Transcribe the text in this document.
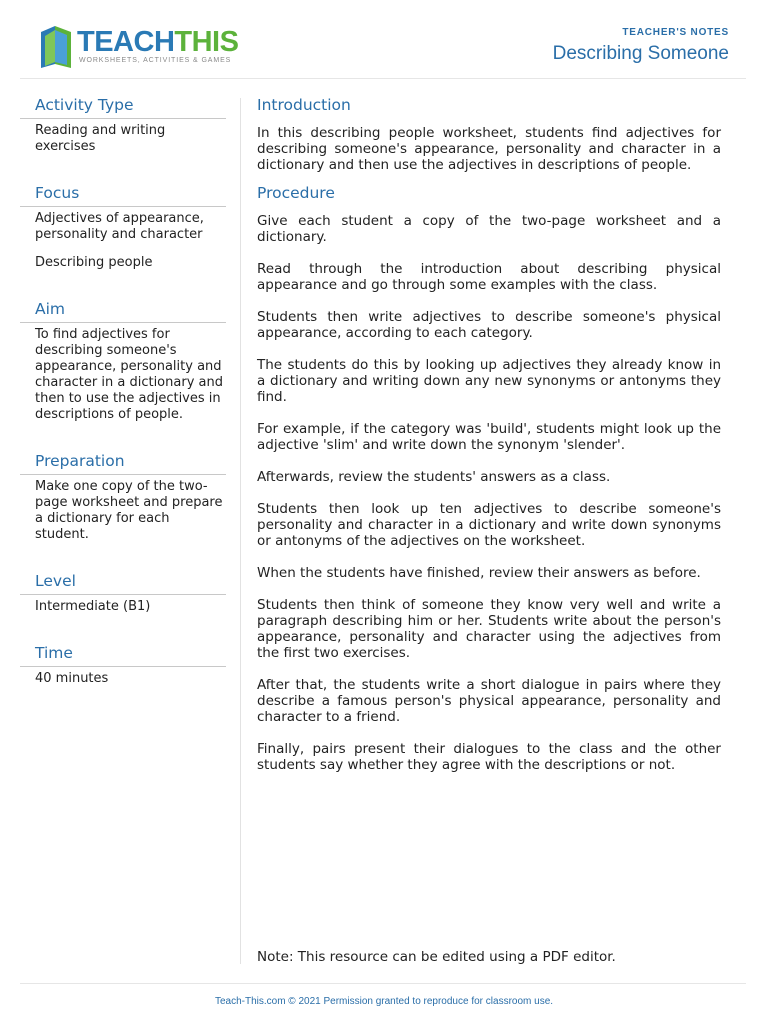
TEACHTHIS
WORKSHEETS, ACTIVITIES & GAMES
TEACHER'S NOTES
Describing Someone
Activity Type

Reading and writing exercises

Focus

Adjectives of appearance, personality and character

Describing people

Aim

To find adjectives for describing someone's appearance, personality and character in a dictionary and then to use the adjectives in descriptions of people.

Preparation

Make one copy of the two-page worksheet and prepare a dictionary for each student.

Level

Intermediate (B1)

Time

40 minutes

Introduction

In this describing people worksheet, students find adjectives for describing someone's appearance, personality and character in a dictionary and then use the adjectives in descriptions of people.

Procedure

Give each student a copy of the two-page worksheet and a dictionary.

Read through the introduction about describing physical appearance and go through some examples with the class.

Students then write adjectives to describe someone's physical appearance, according to each category.

The students do this by looking up adjectives they already know in a dictionary and writing down any new synonyms or antonyms they find.

For example, if the category was 'build', students might look up the adjective 'slim' and write down the synonym 'slender'.

Afterwards, review the students' answers as a class.

Students then look up ten adjectives to describe someone's personality and character in a dictionary and write down synonyms or antonyms of the adjectives on the worksheet.

When the students have finished, review their answers as before.

Students then think of someone they know very well and write a paragraph describing him or her. Students write about the person's appearance, personality and character using the adjectives from the first two exercises.

After that, the students write a short dialogue in pairs where they describe a famous person's physical appearance, personality and character to a friend.

Finally, pairs present their dialogues to the class and the other students say whether they agree with the descriptions or not.

Note: This resource can be edited using a PDF editor.
Teach-This.com © 2021 Permission granted to reproduce for classroom use.
